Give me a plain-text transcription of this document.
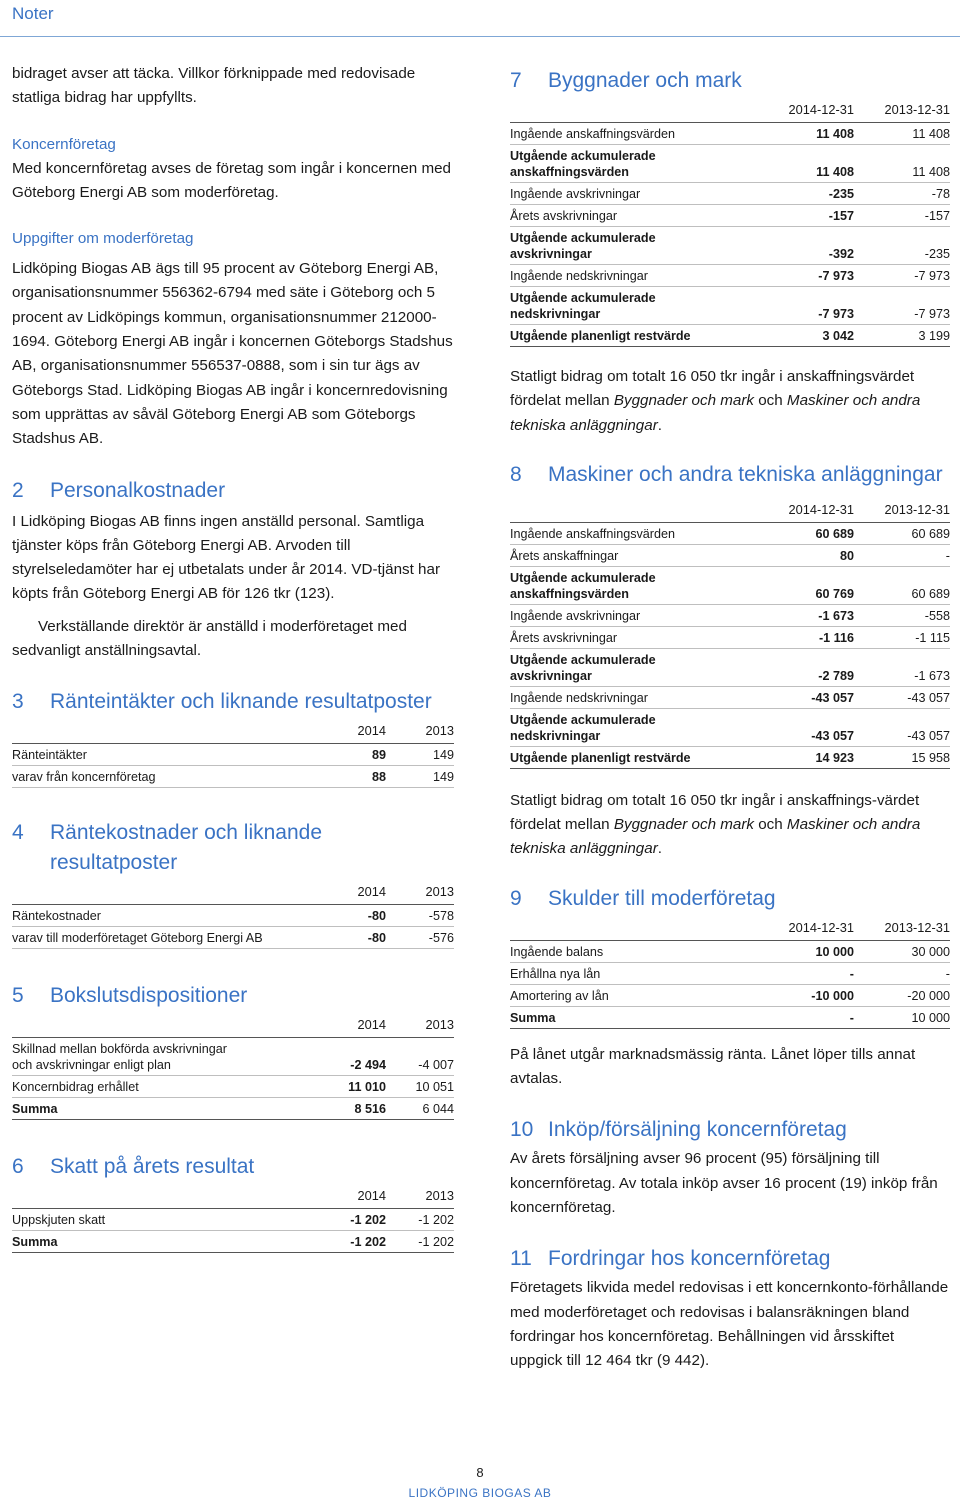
Noter

bidraget avser att täcka. Villkor förknippade med redovisade statliga bidrag har uppfyllts.

Koncernföretag

Med koncernföretag avses de företag som ingår i koncernen med Göteborg Energi AB som moderföretag.

Uppgifter om moderföretag

Lidköping Biogas AB ägs till 95 procent av Göteborg Energi AB, organisationsnummer 556362-6794 med säte i Göteborg och 5 procent av Lidköpings kommun, organisationsnummer 212000-1694. Göteborg Energi AB ingår i koncernen Göteborgs Stadshus AB, organisationsnummer 556537-0888, som i sin tur ägs av Göteborgs Stad. Lidköping Biogas AB ingår i koncernredovisning som upprättas av såväl Göteborg Energi AB som Göteborgs Stadshus AB.

2	Personalkostnader

I Lidköping Biogas AB finns ingen anställd personal. Samtliga tjänster köps från Göteborg Energi AB. Arvoden till styrelseledamöter har ej utbetalats under år 2014. VD-tjänst har köpts från Göteborg Energi AB för 126 tkr (123).

Verkställande direktör är anställd i moderföretaget med sedvanligt anställningsavtal.

3	Ränteintäkter och liknande resultatposter
	2014	2013
Ränteintäkter	89	149
varav från koncernföretag	88	149
4	Räntekostnader och liknande resultatposter
	2014	2013
Räntekostnader	-80	-578
varav till moderföretaget Göteborg Energi AB	-80	-576
5	Bokslutsdispositioner
	2014	2013
Skillnad mellan bokförda avskrivningar
och avskrivningar enligt plan	-2 494	-4 007
Koncernbidrag erhållet	11 010	10 051
Summa	8 516	6 044
6	Skatt på årets resultat
	2014	2013
Uppskjuten skatt	-1 202	-1 202
Summa	-1 202	-1 202
7	Byggnader och mark
	2014-12-31	2013-12-31
Ingående anskaffningsvärden	11 408	11 408
Utgående ackumulerade
anskaffningsvärden	11 408	11 408
Ingående avskrivningar	-235	-78
Årets avskrivningar	-157	-157
Utgående ackumulerade
avskrivningar	-392	-235
Ingående nedskrivningar	-7 973	-7 973
Utgående ackumulerade
nedskrivningar	-7 973	-7 973
Utgående planenligt restvärde	3 042	3 199

Statligt bidrag om totalt 16 050 tkr ingår i anskaffningsvärdet fördelat mellan Byggnader och mark och Maskiner och andra tekniska anläggningar.

8	Maskiner och andra tekniska anläggningar
	2014-12-31	2013-12-31
Ingående anskaffningsvärden	60 689	60 689
Årets anskaffningar	80	-
Utgående ackumulerade
anskaffningsvärden	60 769	60 689
Ingående avskrivningar	-1 673	-558
Årets avskrivningar	-1 116	-1 115
Utgående ackumulerade
avskrivningar	-2 789	-1 673
Ingående nedskrivningar	-43 057	-43 057
Utgående ackumulerade
nedskrivningar	-43 057	-43 057
Utgående planenligt restvärde	14 923	15 958

Statligt bidrag om totalt 16 050 tkr ingår i anskaffnings-värdet fördelat mellan Byggnader och mark och Maskiner och andra tekniska anläggningar.

9	Skulder till moderföretag
	2014-12-31	2013-12-31
Ingående balans	10 000	30 000
Erhållna nya lån	-	-
Amortering av lån	-10 000	-20 000
Summa	-	10 000

På lånet utgår marknadsmässig ränta. Lånet löper tills annat avtalas.

10 Inköp/försäljning koncernföretag

Av årets försäljning avser 96 procent (95) försäljning till koncernföretag. Av totala inköp avser 16 procent (19) inköp från koncernföretag.

11 Fordringar hos koncernföretag

Företagets likvida medel redovisas i ett koncernkonto-förhållande med moderföretaget och redovisas i balansräkningen bland fordringar hos koncernföretag. Behållningen vid årsskiftet uppgick till 12 464 tkr (9 442).

8
LIDKÖPING BIOGAS AB
